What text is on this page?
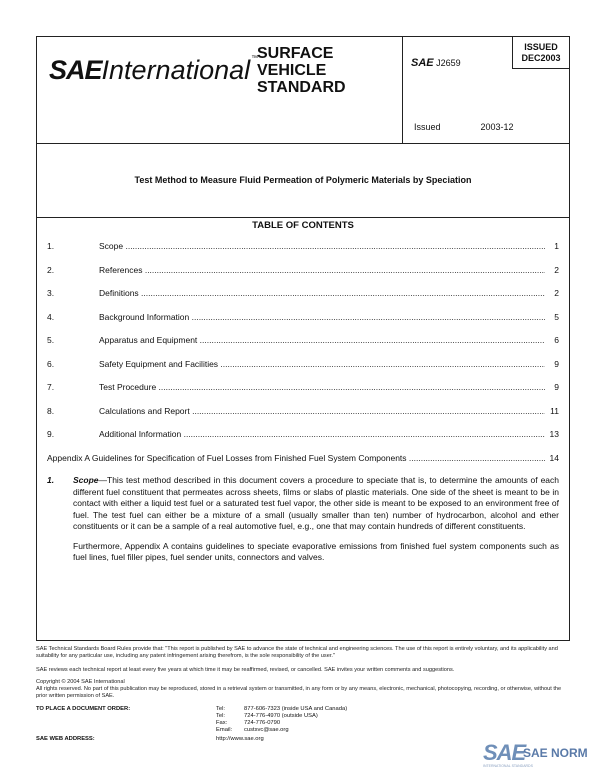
SAEInternational™
SURFACE
VEHICLE
STANDARD
SAE J2659
ISSUED
DEC2003
Issued	2003-12
Test Method to Measure Fluid Permeation of Polymeric Materials by Speciation
TABLE OF CONTENTS
1.	Scope .....	1
2.	References .....	2
3.	Definitions .....	2
4.	Background Information .....	5
5.	Apparatus and Equipment .....	6
6.	Safety Equipment and Facilities .....	9
7.	Test Procedure .....	9
8.	Calculations and Report .....	11
9.	Additional Information .....	13
Appendix A Guidelines for Specification of Fuel Losses from Finished Fuel System Components .....	14
1. Scope—This test method described in this document covers a procedure to speciate that is, to determine the amounts of each different fuel constituent that permeates across sheets, films or slabs of plastic materials. One side of the sheet is meant to be in contact with either a liquid test fuel or a saturated test fuel vapor, the other side is meant to be exposed to an environment free of fuel. The test fuel can either be a mixture of a small (usually smaller than ten) number of hydrocarbon, alcohol and ether constituents or it can be a sample of a real automotive fuel, e.g., one that may contain hundreds of different constituents.

Furthermore, Appendix A contains guidelines to speciate evaporative emissions from finished fuel system components such as fuel lines, fuel filler pipes, fuel sender units, connectors and valves.

SAE Technical Standards Board Rules provide that: "This report is published by SAE to advance the state of technical and engineering sciences. The use of this report is entirely voluntary, and its applicability and suitability for any particular use, including any patent infringement arising therefrom, is the sole responsibility of the user."
SAE reviews each technical report at least every five years at which time it may be reaffirmed, revised, or cancelled. SAE invites your written comments and suggestions.
Copyright © 2004 SAE International
All rights reserved. No part of this publication may be reproduced, stored in a retrieval system or transmitted, in any form or by any means, electronic, mechanical, photocopying, recording, or otherwise, without the prior written permission of SAE.
TO PLACE A DOCUMENT ORDER:	Tel:	877-606-7323 (inside USA and Canada)
Tel:	724-776-4970 (outside USA)
Fax:	724-776-0790
Email: custsvc@sae.org
SAE WEB ADDRESS:	http://www.sae.org
SAE
SAE NORM
INTERNATIONAL STANDARDS
